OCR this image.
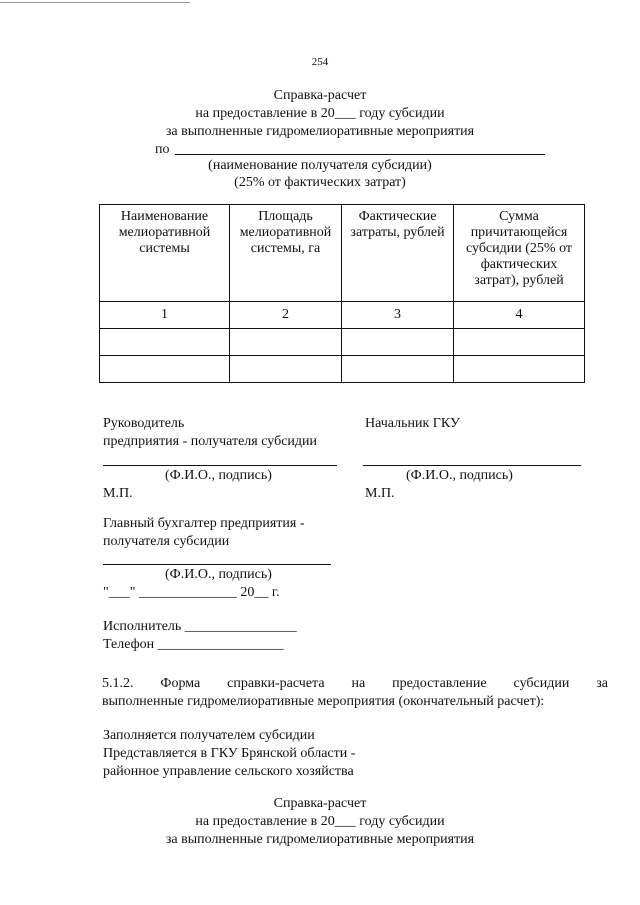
254
Справка-расчет
на предоставление в 20___ году субсидии
за выполненные гидромелиоративные мероприятия
по
(наименование получателя субсидии)
(25% от фактических затрат)
Наименование мелиоративной системы	Площадь мелиоративной системы, га	Фактические затраты, рублей	Сумма причитающейся субсидии (25% от фактических затрат), рублей
1	2	3	4

Руководитель
предприятия - получателя субсидии
Начальник ГКУ
(Ф.И.О., подпись)	(Ф.И.О., подпись)
М.П.	М.П.
Главный бухгалтер предприятия -
получателя субсидии
(Ф.И.О., подпись)
"___" ______________ 20__ г.
Исполнитель ________________
Телефон __________________
5.1.2. Форма справки-расчета на предоставление субсидии за
выполненные гидромелиоративные мероприятия (окончательный расчет):
Заполняется получателем субсидии
Представляется в ГКУ Брянской области -
районное управление сельского хозяйства
Справка-расчет
на предоставление в 20___ году субсидии
за выполненные гидромелиоративные мероприятия
